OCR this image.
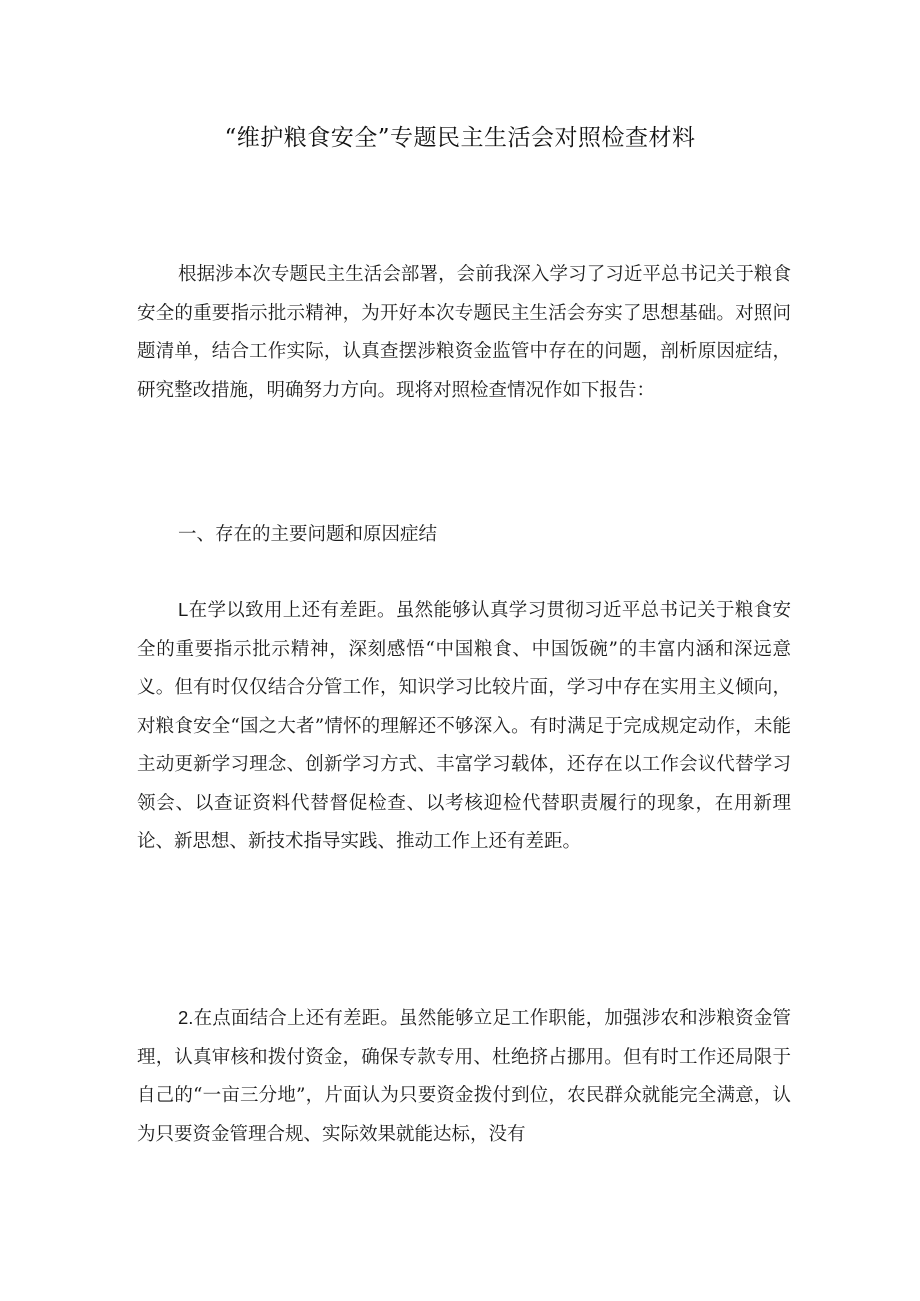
“维护粮食安全”专题民主生活会对照检查材料

根据涉本次专题民主生活会部署，会前我深入学习了习近平总书记关于粮食安全的重要指示批示精神，为开好本次专题民主生活会夯实了思想基础。对照问题清单，结合工作实际，认真查摆涉粮资金监管中存在的问题，剖析原因症结，研究整改措施，明确努力方向。现将对照检查情况作如下报告：

一、存在的主要问题和原因症结

L在学以致用上还有差距。虽然能够认真学习贯彻习近平总书记关于粮食安全的重要指示批示精神，深刻感悟“中国粮食、中国饭碗”的丰富内涵和深远意义。但有时仅仅结合分管工作，知识学习比较片面，学习中存在实用主义倾向，对粮食安全“国之大者”情怀的理解还不够深入。有时满足于完成规定动作，未能主动更新学习理念、创新学习方式、丰富学习载体，还存在以工作会议代替学习领会、以查证资料代替督促检查、以考核迎检代替职责履行的现象，在用新理论、新思想、新技术指导实践、推动工作上还有差距。

2.在点面结合上还有差距。虽然能够立足工作职能，加强涉农和涉粮资金管理，认真审核和拨付资金，确保专款专用、杜绝挤占挪用。但有时工作还局限于自己的“一亩三分地”，片面认为只要资金拨付到位，农民群众就能完全满意，认为只要资金管理合规、实际效果就能达标，没有
